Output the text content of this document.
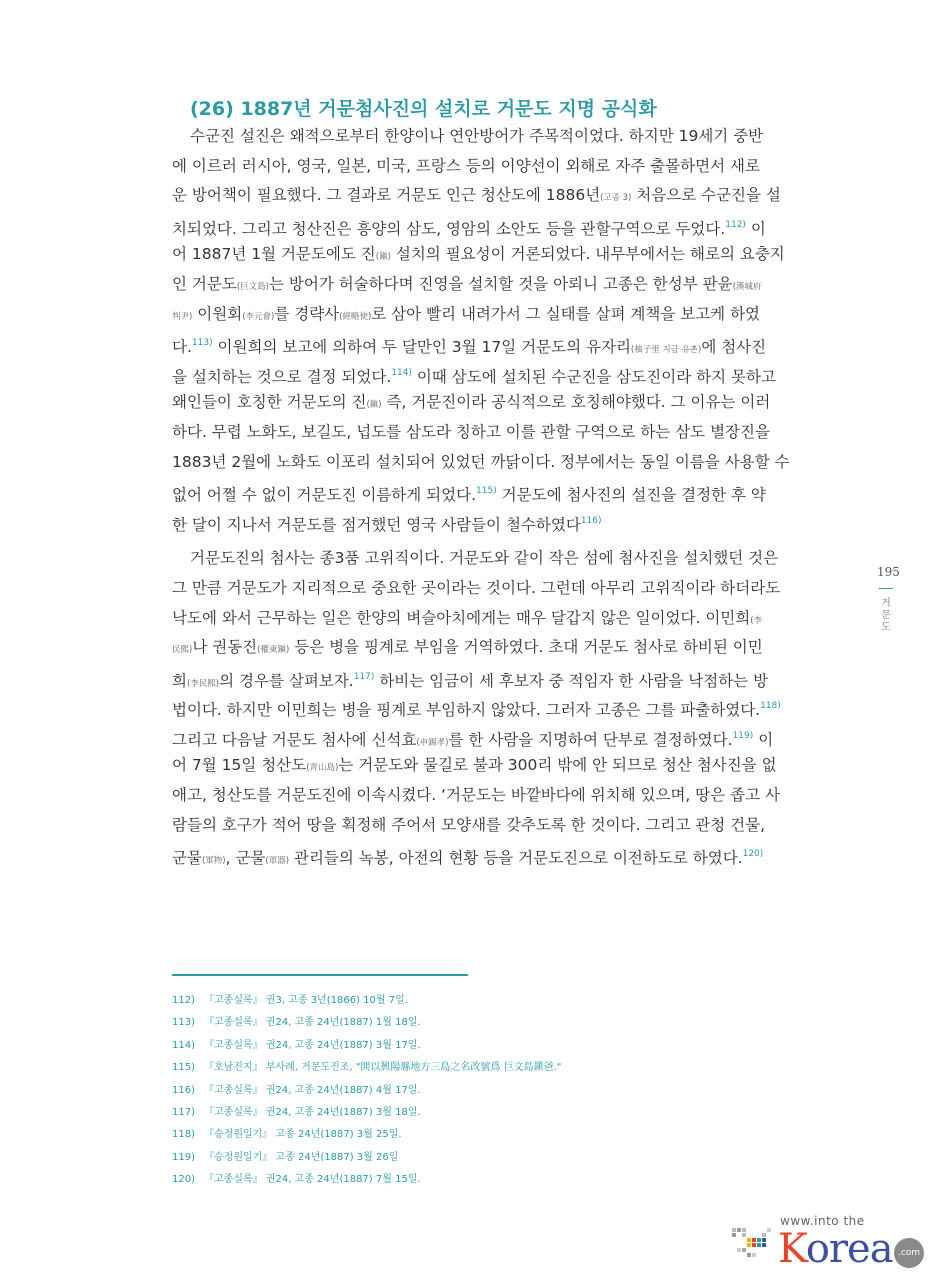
(26) 1887년 거문첨사진의 설치로 거문도 지명 공식화
수군진 설진은 왜적으로부터 한양이나 연안방어가 주목적이었다. 하지만 19세기 중반
에 이르러 러시아, 영국, 일본, 미국, 프랑스 등의 이양선이 외해로 자주 출몰하면서 새로
운 방어책이 필요했다. 그 결과로 거문도 인근 청산도에 1886년(고종 3) 처음으로 수군진을 설
치되었다. 그리고 청산진은 흥양의 삼도, 영암의 소안도 등을 관할구역으로 두었다.$^{112)}$ 이
어 1887년 1월 거문도에도 진(鎭) 설치의 필요성이 거론되었다. 내무부에서는 해로의 요충지
인 거문도(巨文島)는 방어가 허술하다며 진영을 설치할 것을 아뢰니 고종은 한성부 판윤(漢城府
判尹) 이원회(李元會)를 경략사(經略使)로 삼아 빨리 내려가서 그 실태를 살펴 계책을 보고케 하였
다.$^{113)}$ 이원희의 보고에 의하여 두 달만인 3월 17일 거문도의 유자리(柚子里 지금 유촌)에 첨사진
을 설치하는 것으로 결정 되었다.$^{114)}$ 이때 삼도에 설치된 수군진을 삼도진이라 하지 못하고
왜인들이 호칭한 거문도의 진(鎭) 즉, 거문진이라 공식적으로 호칭해야했다. 그 이유는 이러
하다. 무렵 노화도, 보길도, 넙도를 삼도라 칭하고 이를 관할 구역으로 하는 삼도 별장진을
1883년 2월에 노화도 이포리 설치되어 있었던 까닭이다. 정부에서는 동일 이름을 사용할 수
없어 어쩔 수 없이 거문도진 이름하게 되었다.$^{115)}$ 거문도에 첨사진의 설진을 결정한 후 약
한 달이 지나서 거문도를 점거했던 영국 사람들이 철수하였다$^{116)}$
거문도진의 첨사는 종3품 고위직이다. 거문도와 같이 작은 섬에 첨사진을 설치했던 것은
그 만큼 거문도가 지리적으로 중요한 곳이라는 것이다. 그런데 아무리 고위직이라 하더라도
낙도에 와서 근무하는 일은 한양의 벼슬아치에게는 매우 달갑지 않은 일이었다. 이민희(李
民熙)나 권동진(權東鎭) 등은 병을 핑계로 부임을 거역하였다. 초대 거문도 첨사로 하비된 이민
희(李民熙)의 경우를 살펴보자.$^{117)}$ 하비는 임금이 세 후보자 중 적임자 한 사람을 낙점하는 방
법이다. 하지만 이민희는 병을 핑계로 부임하지 않았다. 그러자 고종은 그를 파출하였다.$^{118)}$
그리고 다음날 거문도 첨사에 신석효(申錫孝)를 한 사람을 지명하여 단부로 결정하였다.$^{119)}$ 이
어 7월 15일 청산도(青山島)는 거문도와 물길로 불과 300리 밖에 안 되므로 청산 첨사진을 없
애고, 청산도를 거문도진에 이속시켰다. ‘거문도는 바깥바다에 위치해 있으며, 땅은 좁고 사
람들의 호구가 적어 땅을 획정해 주어서 모양새를 갖추도록 한 것이다. 그리고 관청 건물,
군물(軍物), 군물(軍器) 관리들의 녹봉, 아전의 현황 등을 거문도진으로 이전하도로 하였다.$^{120)}$
195
거
문
도
112) 『고종실록』 권3, 고종 3년(1866) 10월 7일.
113) 『고종실록』 권24, 고종 24년(1887) 1월 18일.
114) 『고종실록』 권24, 고종 24년(1887) 3월 17일.
115) 『호남진지』 부사례, 거문도진조, "開以興陽縣地方三島之名改號爲 巨文島鎭爸."
116) 『고종실록』 권24, 고종 24년(1887) 4월 17일.
117) 『고종실록』 권24, 고종 24년(1887) 3월 18일.
118) 『승정원일기』 고종 24년(1887) 3월 25일.
119) 『승정원일기』 고종 24년(1887) 3월 26일
120) 『고종실록』 권24, 고종 24년(1887) 7월 15일.
www.into the
Korea .com
